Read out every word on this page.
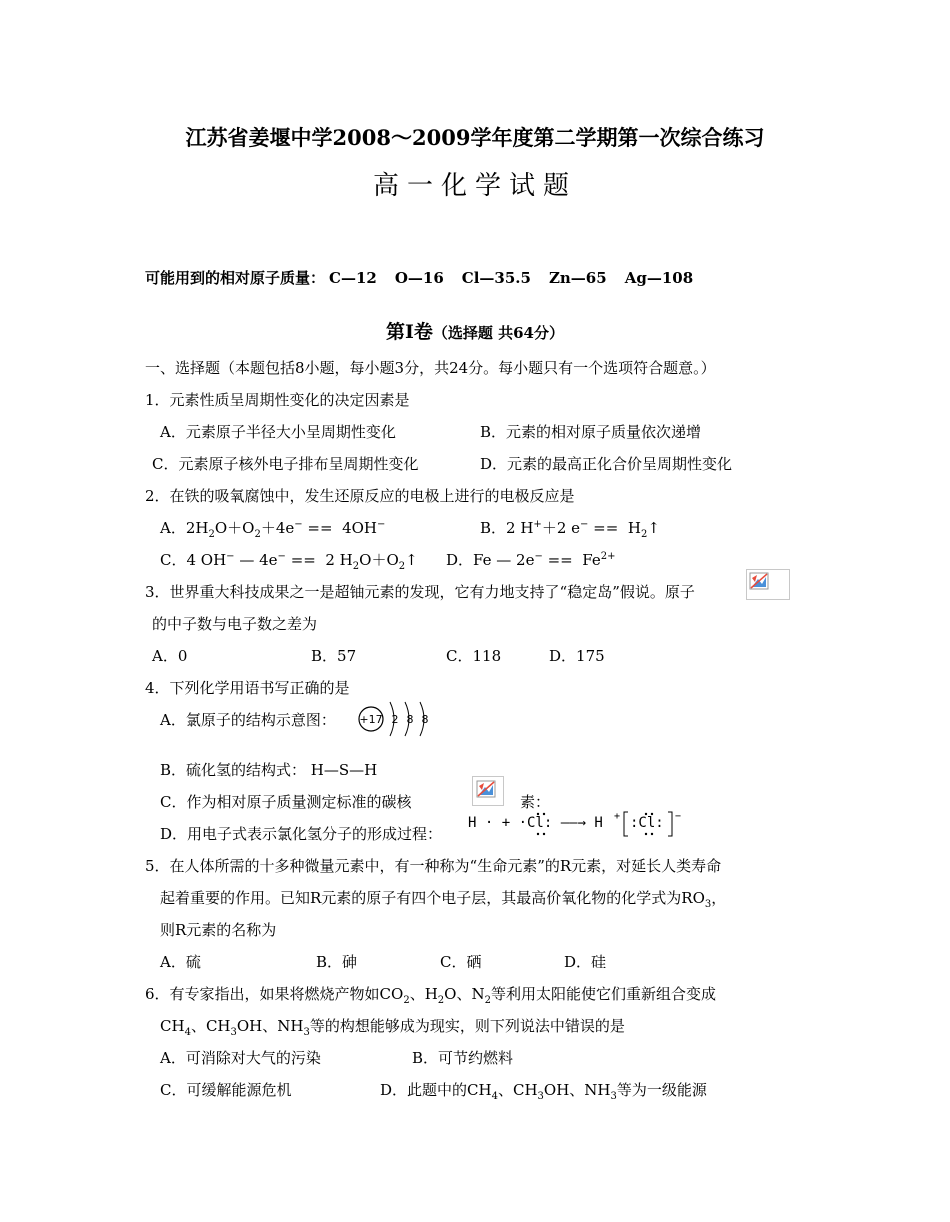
江苏省姜堰中学2008～2009学年度第二学期第一次综合练习
高一化学试题
可能用到的相对原子质量： C—12 O—16 Cl—35.5 Zn—65 Ag—108
第Ⅰ卷（选择题 共64分）
一、选择题（本题包括8小题，每小题3分，共24分。每小题只有一个选项符合题意。）
1．元素性质呈周期性变化的决定因素是
A．元素原子半径大小呈周期性变化	B．元素的相对原子质量依次递增
C．元素原子核外电子排布呈周期性变化	D．元素的最高正化合价呈周期性变化
2．在铁的吸氧腐蚀中，发生还原反应的电极上进行的电极反应是
A．$2H_2O+O_2+4e^- == 4OH^-$	B．2 H+＋2 $e^- == H_2↑$
C．4 OH− — 4e− ==  2 $H_2O+O_2↑$ D．Fe — $2e^- == Fe^{2+}$
3．世界重大科技成果之一是超铀元素的发现，它有力地支持了“稳定岛”假说。原子
的中子数与电子数之差为
A．0	B．57	C．118	D．175
4．下列化学用语书写正确的是
A．氯原子的结构示意图： +17 2 8 8
B．硫化氢的结构式： H—S—H
C．作为相对原子质量测定标准的碳核	素：
D．用电子式表示氯化氢分子的形成过程：
H · + ·Cl: ——→ H + :Cl: −
5．在人体所需的十多种微量元素中，有一种称为“生命元素”的R元素，对延长人类寿命
起着重要的作用。已知R元素的原子有四个电子层，其最高价氧化物的化学式为$RO_3$，
则R元素的名称为
A．硫	B．砷	C．硒	D．硅
6．有专家指出，如果将燃烧产物如$CO_2$、$H_2O$、$N_2$等利用太阳能使它们重新组合变成
$CH_4$、$CH_3OH$、$NH_3$等的构想能够成为现实，则下列说法中错误的是
A．可消除对大气的污染	B．可节约燃料
C．可缓解能源危机	D．此题中的$CH_4$、$CH_3OH$、$NH_3$等为一级能源
